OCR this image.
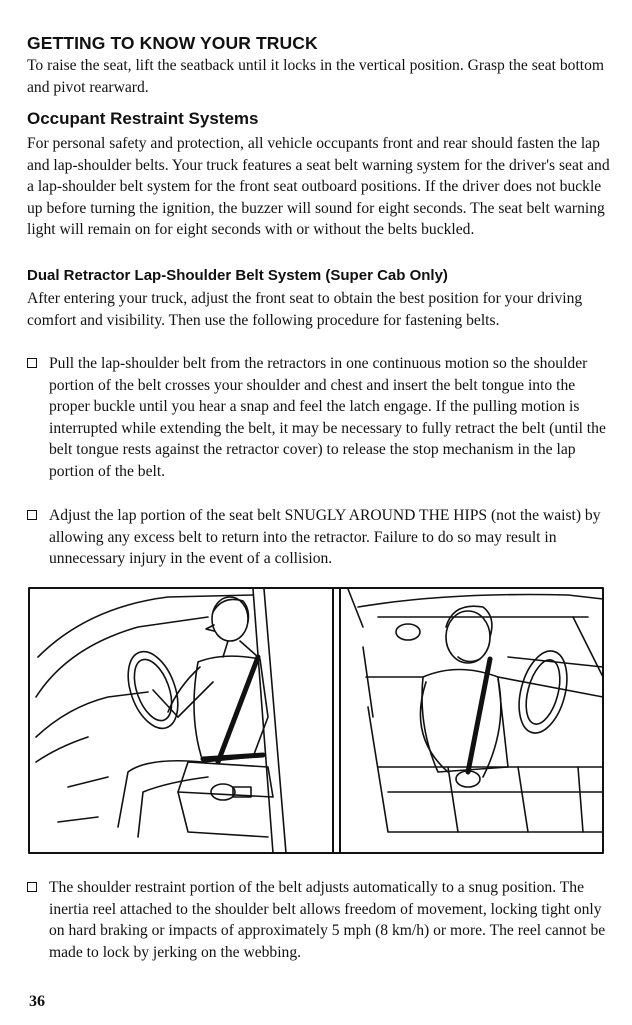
GETTING TO KNOW YOUR TRUCK

To raise the seat, lift the seatback until it locks in the vertical position. Grasp the seat bottom and pivot rearward.

Occupant Restraint Systems

For personal safety and protection, all vehicle occupants front and rear should fasten the lap and lap-shoulder belts. Your truck features a seat belt warning system for the driver's seat and a lap-shoulder belt system for the front seat outboard positions. If the driver does not buckle up before turning the ignition, the buzzer will sound for eight seconds. The seat belt warning light will remain on for eight seconds with or without the belts buckled.

Dual Retractor Lap-Shoulder Belt System (Super Cab Only)

After entering your truck, adjust the front seat to obtain the best position for your driving comfort and visibility. Then use the following procedure for fastening belts.

Pull the lap-shoulder belt from the retractors in one continuous motion so the shoulder portion of the belt crosses your shoulder and chest and insert the belt tongue into the proper buckle until you hear a snap and feel the latch engage. If the pulling motion is interrupted while extending the belt, it may be necessary to fully retract the belt (until the belt tongue rests against the retractor cover) to release the stop mechanism in the lap portion of the belt.
Adjust the lap portion of the seat belt SNUGLY AROUND THE HIPS (not the waist) by allowing any excess belt to return into the retractor. Failure to do so may result in unnecessary injury in the event of a collision.
The shoulder restraint portion of the belt adjusts automatically to a snug position. The inertia reel attached to the shoulder belt allows freedom of movement, locking tight only on hard braking or impacts of approximately 5 mph (8 km/h) or more. The reel cannot be made to lock by jerking on the webbing.
36
